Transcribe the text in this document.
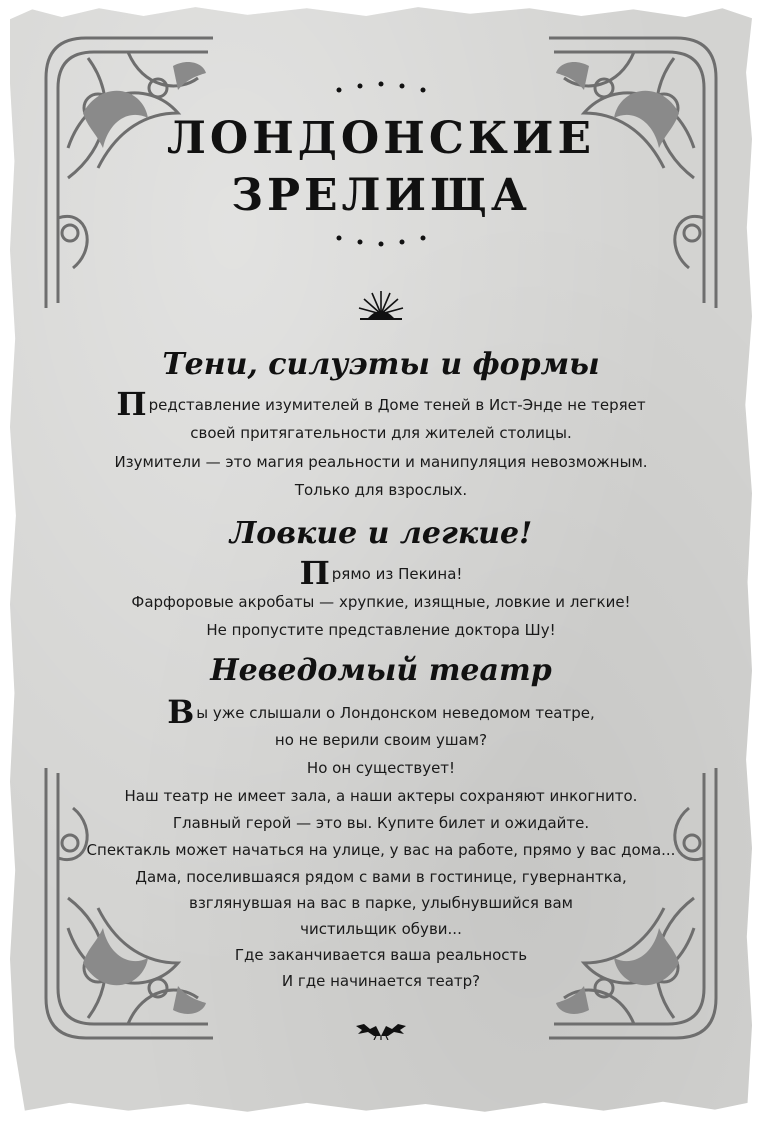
ЛОНДОНСКИЕ
ЗРЕЛИЩА
Тени, силуэты и формы
Представление изумителей в Доме теней в Ист-Энде не теряет
своей притягательности для жителей столицы.
Изумители — это магия реальности и манипуляция невозможным.
Только для взрослых.
Ловкие и легкие!
Прямо из Пекина!
Фарфоровые акробаты — хрупкие, изящные, ловкие и легкие!
Не пропустите представление доктора Шу!
Неведомый театр
Вы уже слышали о Лондонском неведомом театре,
но не верили своим ушам?
Но он существует!
Наш театр не имеет зала, а наши актеры сохраняют инкогнито.
Главный герой — это вы. Купите билет и ожидайте.
Спектакль может начаться на улице, у вас на работе, прямо у вас дома...
Дама, поселившаяся рядом с вами в гостинице, гувернантка,
взглянувшая на вас в парке, улыбнувшийся вам
чистильщик обуви...
Где заканчивается ваша реальность
И где начинается театр?
